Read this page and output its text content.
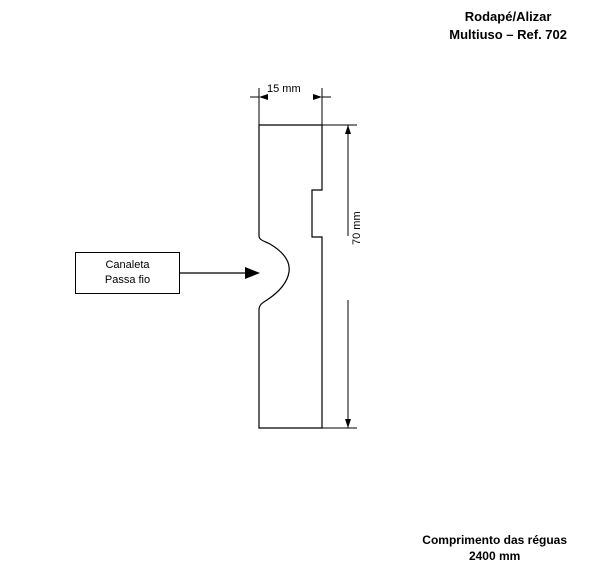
Rodapé/Alizar
Multiuso – Ref. 702
15 mm
70 mm
Canaleta
Passa fio
Comprimento das réguas
2400 mm
